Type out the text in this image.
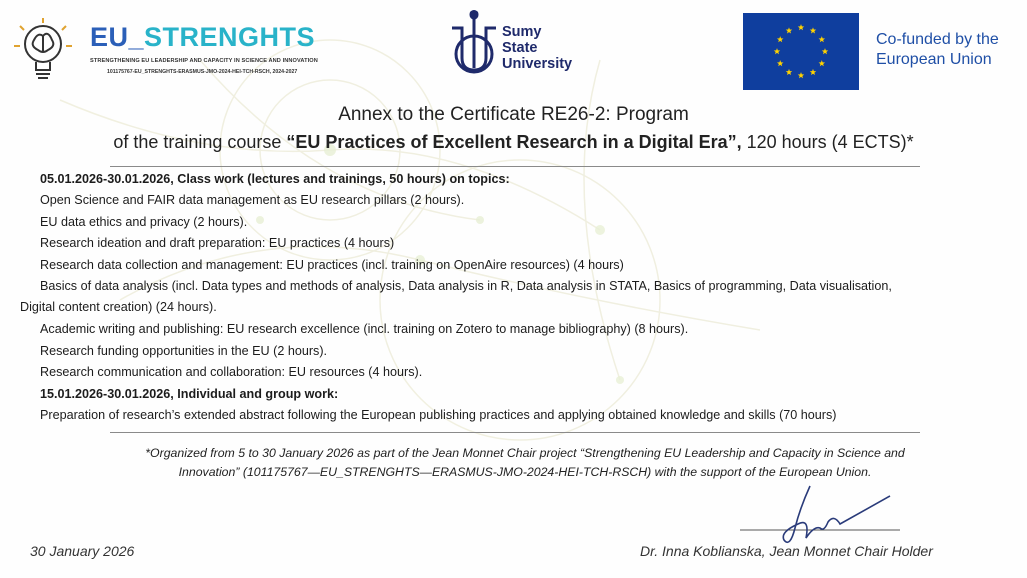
EU_STRENGHTS
STRENGTHENING EU LEADERSHIP AND CAPACITY IN SCIENCE AND INNOVATION
101175767-EU_STRENGHTS-ERASMUS-JMO-2024-HEI-TCH-RSCH, 2024-2027
Sumy
State
University
Co-funded by the
European Union
Annex to the Certificate RE26-2: Program
of the training course “EU Practices of Excellent Research in a Digital Era”, 120 hours (4 ECTS)*
05.01.2026-30.01.2026, Class work (lectures and trainings, 50 hours) on topics:
Open Science and FAIR data management as EU research pillars (2 hours).
EU data ethics and privacy (2 hours).
Research ideation and draft preparation: EU practices (4 hours)
Research data collection and management: EU practices (incl. training on OpenAire resources) (4 hours)
Basics of data analysis (incl. Data types and methods of analysis, Data analysis in R, Data analysis in STATA, Basics of programming, Data visualisation,
Digital content creation) (24 hours).
Academic writing and publishing: EU research excellence (incl. training on Zotero to manage bibliography) (8 hours).
Research funding opportunities in the EU (2 hours).
Research communication and collaboration: EU resources (4 hours).
15.01.2026-30.01.2026, Individual and group work:
Preparation of research’s extended abstract following the European publishing practices and applying obtained knowledge and skills (70 hours)
*Organized from 5 to 30 January 2026 as part of the Jean Monnet Chair project “Strengthening EU Leadership and Capacity in Science and
Innovation” (101175767—EU_STRENGHTS—ERASMUS-JMO-2024-HEI-TCH-RSCH) with the support of the European Union.
30 January 2026	Dr. Inna Koblianska, Jean Monnet Chair Holder
